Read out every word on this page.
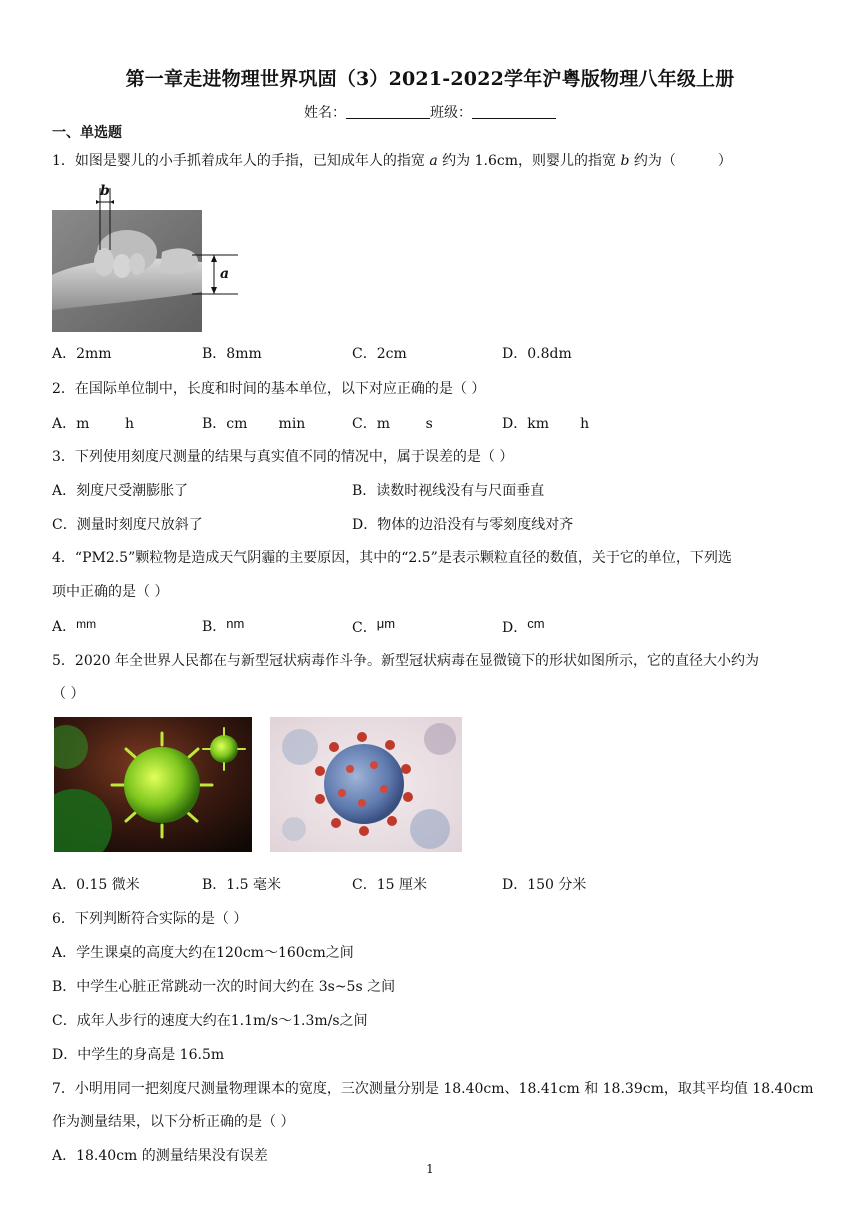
第一章走进物理世界巩固（3）2021-2022学年沪粤版物理八年级上册
姓名：	班级：
一、单选题
1．如图是婴儿的小手抓着成年人的手指，已知成年人的指宽 a 约为 1.6cm，则婴儿的指宽 b 约为（	）
b
a
A．2mm	B．8mm	C．2cm	D．0.8dm
2．在国际单位制中，长度和时间的基本单位，以下对应正确的是（ ）
A．m        h	B．cm       min	C．m        s	D．km       h
3．下列使用刻度尺测量的结果与真实值不同的情况中，属于误差的是（ ）
A．刻度尺受潮膨胀了	B．读数时视线没有与尺面垂直
C．测量时刻度尺放斜了	D．物体的边沿没有与零刻度线对齐
4．“PM2.5”颗粒物是造成天气阴霾的主要原因，其中的“2.5”是表示颗粒直径的数值，关于它的单位，下列选
项中正确的是（ ）
A．mm	B．nm	C．μm	D．cm
5．2020 年全世界人民都在与新型冠状病毒作斗争。新型冠状病毒在显微镜下的形状如图所示，它的直径大小约为
（ ）
A．0.15 微米	B．1.5 毫米	C．15 厘米	D．150 分米
6．下列判断符合实际的是（ ）
A．学生课桌的高度大约在120cm～160cm之间
B．中学生心脏正常跳动一次的时间大约在 3s~5s 之间
C．成年人步行的速度大约在1.1m/s～1.3m/s之间
D．中学生的身高是 16.5m
7．小明用同一把刻度尺测量物理课本的宽度，三次测量分别是 18.40cm、18.41cm 和 18.39cm，取其平均值 18.40cm
作为测量结果，以下分析正确的是（ ）
A．18.40cm 的测量结果没有误差
1
